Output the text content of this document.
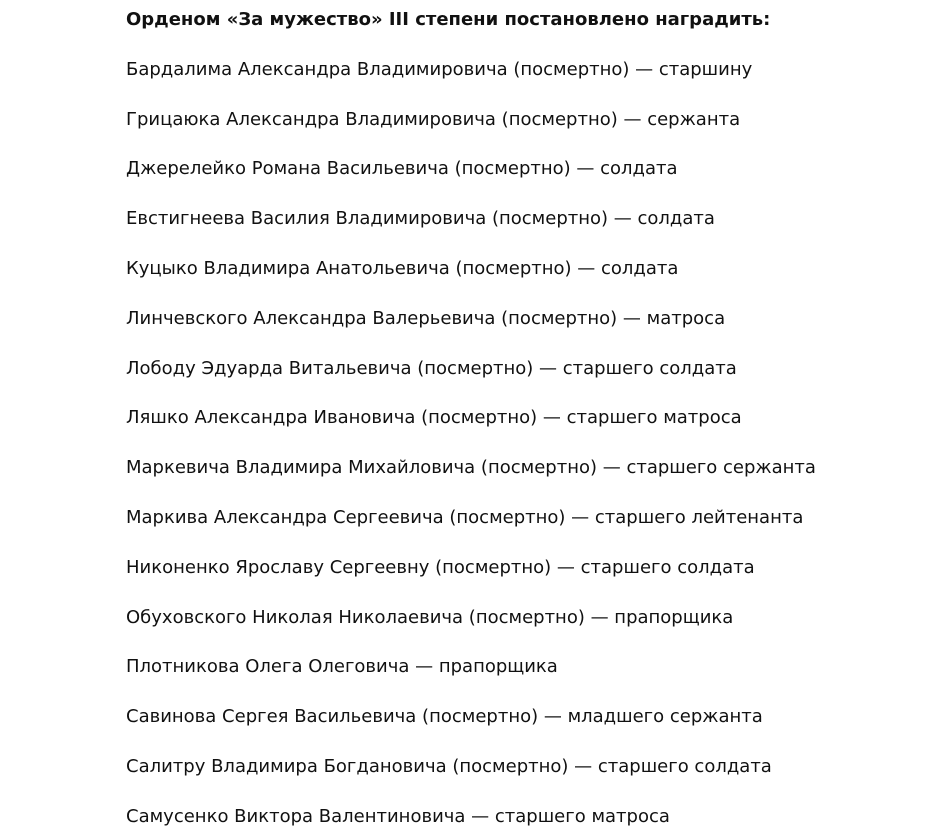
Орденом «За мужество» III степени постановлено наградить:

Бардалима Александра Владимировича (посмертно) — старшину
Грицаюка Александра Владимировича (посмертно) — сержанта
Джерелейко Романа Васильевича (посмертно) — солдата
Евстигнеева Василия Владимировича (посмертно) — солдата
Куцыко Владимира Анатольевича (посмертно) — солдата
Линчевского Александра Валерьевича (посмертно) — матроса
Лободу Эдуарда Витальевича (посмертно) — старшего солдата
Ляшко Александра Ивановича (посмертно) — старшего матроса
Маркевича Владимира Михайловича (посмертно) — старшего сержанта
Маркива Александра Сергеевича (посмертно) — старшего лейтенанта
Никоненко Ярославу Сергеевну (посмертно) — старшего солдата
Обуховского Николая Николаевича (посмертно) — прапорщика
Плотникова Олега Олеговича — прапорщика
Савинова Сергея Васильевича (посмертно) — младшего сержанта
Салитру Владимира Богдановича (посмертно) — старшего солдата
Самусенко Виктора Валентиновича — старшего матроса
